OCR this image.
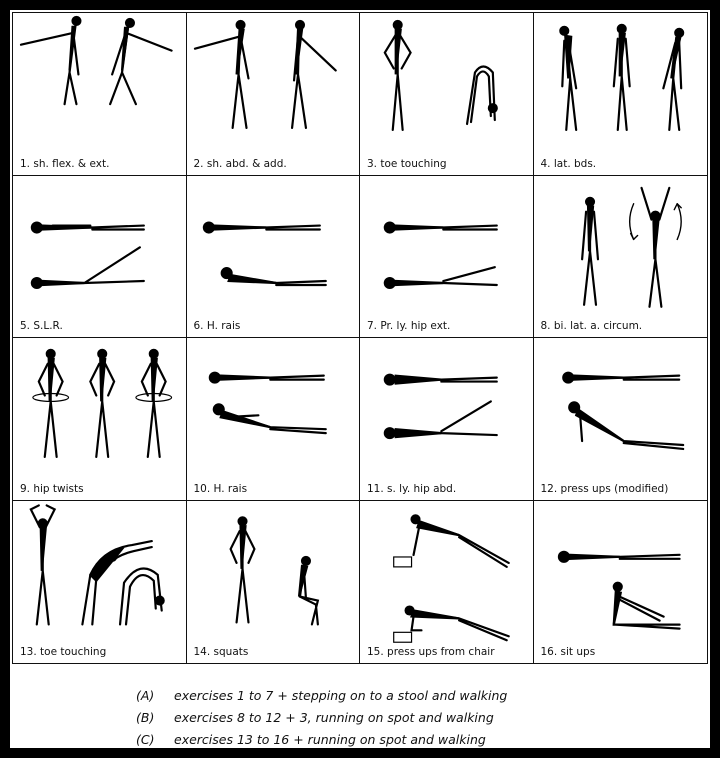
1. sh. flex. & ext.	2. sh. abd. & add.	3. toe touching	4. lat. bds.
5. S.L.R.	6. H. rais	7. Pr. ly. hip ext.	8. bi. lat. a. circum.
9. hip twists	10. H. rais	11. s. ly. hip abd.	12. press ups (modified)
13. toe touching	14. squats	15. press ups from chair	16. sit ups
(A) exercises 1 to 7 + stepping on to a stool and walking
(B) exercises 8 to 12 + 3, running on spot and walking
(C) exercises 13 to 16 + running on spot and walking
